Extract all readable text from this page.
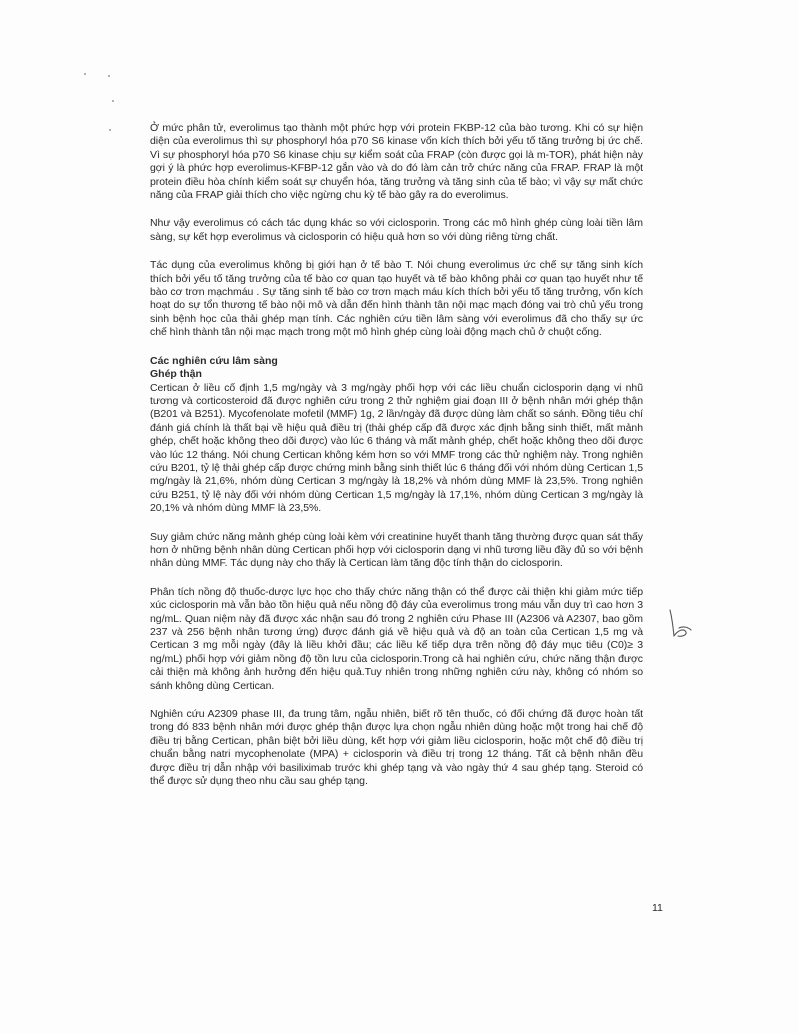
Ở mức phân tử, everolimus tạo thành một phức hợp với protein FKBP-12 của bào tương. Khi có sự hiện diện của everolimus thì sự phosphoryl hóa p70 S6 kinase vốn kích thích bởi yếu tố tăng trưởng bị ức chế. Vì sự phosphoryl hóa p70 S6 kinase chịu sự kiểm soát của FRAP (còn được gọi là m-TOR), phát hiện này gợi ý là phức hợp everolimus-KFBP-12 gắn vào và do đó làm cản trở chức năng của FRAP. FRAP là một protein điều hòa chính kiểm soát sự chuyển hóa, tăng trưởng và tăng sinh của tế bào; vì vậy sự mất chức năng của FRAP giải thích cho việc ngừng chu kỳ tế bào gây ra do everolimus.

Như vậy everolimus có cách tác dụng khác so với ciclosporin. Trong các mô hình ghép cùng loài tiền lâm sàng, sự kết hợp everolimus và ciclosporin có hiệu quả hơn so với dùng riêng từng chất.

Tác dụng của everolimus không bị giới hạn ở tế bào T. Nói chung everolimus ức chế sự tăng sinh kích thích bởi yếu tố tăng trưởng của tế bào cơ quan tạo huyết và tế bào không phải cơ quan tạo huyết như tế bào cơ trơn mạchmáu . Sự tăng sinh tế bào cơ trơn mạch máu kích thích bởi yếu tố tăng trưởng, vốn kích hoạt do sự tổn thương tế bào nội mô và dẫn đến hình thành tân nội mạc mạch đóng vai trò chủ yếu trong sinh bệnh học của thải ghép mạn tính. Các nghiên cứu tiền lâm sàng với everolimus đã cho thấy sự ức chế hình thành tân nội mạc mạch trong một mô hình ghép cùng loài động mạch chủ ở chuột cống.

Các nghiên cứu lâm sàng
Ghép thận

Certican ở liều cố định 1,5 mg/ngày và 3 mg/ngày phối hợp với các liều chuẩn ciclosporin dạng vi nhũ tương và corticosteroid đã được nghiên cứu trong 2 thử nghiệm giai đoạn III ở bệnh nhân mới ghép thận (B201 và B251). Mycofenolate mofetil (MMF) 1g, 2 lần/ngày đã được dùng làm chất so sánh. Đồng tiêu chí đánh giá chính là thất bại về hiệu quả điều trị (thải ghép cấp đã được xác định bằng sinh thiết, mất mảnh ghép, chết hoặc không theo dõi được) vào lúc 6 tháng và mất mảnh ghép, chết hoặc không theo dõi được vào lúc 12 tháng. Nói chung Certican không kém hơn so với MMF trong các thử nghiệm này. Trong nghiên cứu B201, tỷ lệ thải ghép cấp được chứng minh bằng sinh thiết lúc 6 tháng đối với nhóm dùng Certican 1,5 mg/ngày là 21,6%, nhóm dùng Certican 3 mg/ngày là 18,2% và nhóm dùng MMF là 23,5%. Trong nghiên cứu B251, tỷ lệ này đối với nhóm dùng Certican 1,5 mg/ngày là 17,1%, nhóm dùng Certican 3 mg/ngày là 20,1% và nhóm dùng MMF là 23,5%.

Suy giảm chức năng mảnh ghép cùng loài kèm với creatinine huyết thanh tăng thường được quan sát thấy hơn ở những bệnh nhân dùng Certican phối hợp với ciclosporin dạng vi nhũ tương liều đầy đủ so với bệnh nhân dùng MMF. Tác dụng này cho thấy là Certican làm tăng độc tính thận do ciclosporin.

Phân tích nồng độ thuốc-dược lực học cho thấy chức năng thận có thể được cải thiện khi giảm mức tiếp xúc ciclosporin mà vẫn bảo tồn hiệu quả nếu nồng độ đáy của everolimus trong máu vẫn duy trì cao hơn 3 ng/mL. Quan niệm này đã được xác nhận sau đó trong 2 nghiên cứu Phase III (A2306 và A2307, bao gồm 237 và 256 bệnh nhân tương ứng) được đánh giá về hiệu quả và độ an toàn của Certican 1,5 mg và Certican 3 mg mỗi ngày (đây là liều khởi đầu; các liều kế tiếp dựa trên nồng độ đáy mục tiêu (C0)≥ 3 ng/mL) phối hợp với giảm nồng độ tồn lưu của ciclosporin.Trong cả hai nghiên cứu, chức năng thận được cải thiện mà không ảnh hưởng đến hiệu quả.Tuy nhiên trong những nghiên cứu này, không có nhóm so sánh không dùng Certican.

Nghiên cứu A2309 phase III, đa trung tâm, ngẫu nhiên, biết rõ tên thuốc, có đối chứng đã được hoàn tất trong đó 833 bệnh nhân mới được ghép thận được lựa chọn ngẫu nhiên dùng hoặc một trong hai chế độ điều trị bằng Certican, phân biệt bởi liều dùng, kết hợp với giảm liều ciclosporin, hoặc một chế độ điều trị chuẩn bằng natri mycophenolate (MPA) + ciclosporin và điều trị trong 12 tháng. Tất cả bệnh nhân đều được điều trị dẫn nhập với basiliximab trước khi ghép tạng và vào ngày thứ 4 sau ghép tạng. Steroid có thể được sử dụng theo nhu cầu sau ghép tạng.

11
